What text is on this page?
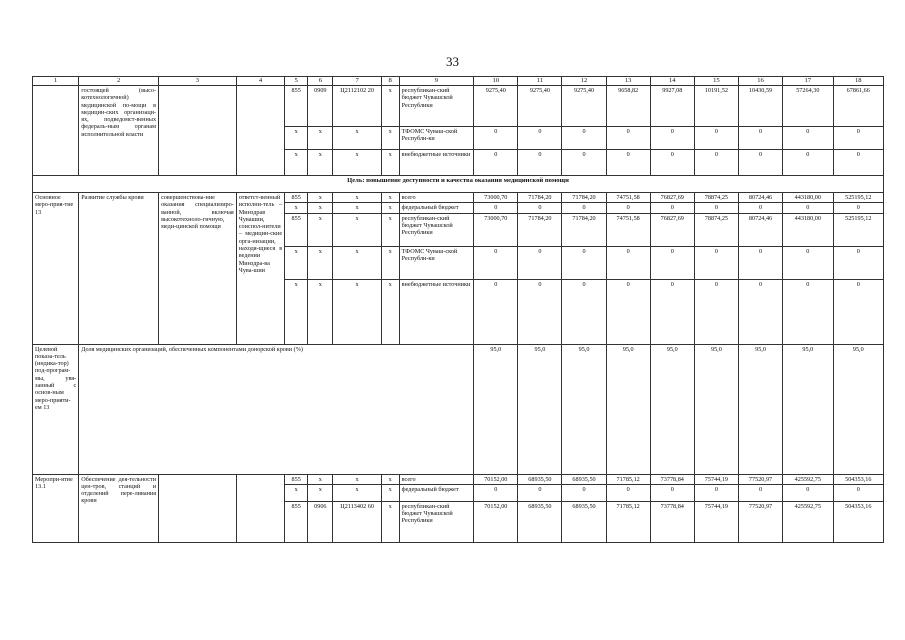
33
1	2	3	4	5	6	7	8	9	10	11	12	13	14	15	16	17	18
	гостоящей (высо-котехнологичной) медицинской по-мощи в медицин-ских организаци-ях, подведомст-венных федераль-ным органам исполнительной власти			855	0909	Ц2112102 20	х	республикан-ский бюджет Чувашской Республики	9275,40	9275,40	9275,40	9658,82	9927,08	10191,52	10430,59	57264,30	67861,66
				х	х	х	х	ТФОМС Чуваш-ской Республи-ки	0	0	0	0	0	0	0	0	0
				х	х	х	х	внебюджетные источники	0	0	0	0	0	0	0	0	0
Цель: повышение доступности и качества оказания медицинской помощи																	
Основное меро-прия-тие 13	Развитие службы крови	совершенствова-ние оказания специализиро-ванной, включая высокотехноло-гичную, меди-цинской помощи	ответст-венный исполни-тель – Минздрав Чувашии, соиспол-нители – медицин-ские орга-низации, находя-щиеся в ведении Минздра-ва Чува-шии	855	х	х	х	всего	73000,70	71784,20	71784,20	74751,58	76827,69	78874,25	80724,46	443180,00	525195,12
				х	х	х	х	федеральный бюджет	0	0	0	0	0	0	0	0	0
				855	х	х	х	республикан-ский бюджет Чувашской Республики	73000,70	71784,20	71784,20	74751,58	76827,69	78874,25	80724,46	443180,00	525195,12
				х	х	х	х	ТФОМС Чуваш-ской Республи-ки	0	0	0	0	0	0	0	0	0
				х	х	х	х	внебюджетные источники	0	0	0	0	0	0	0	0	0
Целевой показа-тель (индика-тор) под-програм-мы, увя-занный с основ-ным меро-прияти-ем 13	Доля медицинских организаций, обеспеченных компонентами донорской крови (%)								95,0	95,0	95,0	95,0	95,0	95,0	95,0	95,0	95,0
Меропри-ятие 13.1	Обеспечение дея-тельности цен-тров, станций и отделений пере-ливания крови			855	х	х	х	всего	70152,00	68935,50	68935,50	71785,12	73778,84	75744,19	77520,97	425592,75	504353,16
				х	х	х	х	федеральный бюджет	0	0	0	0	0	0	0	0	0
				855	0906	Ц2113402 60	х	республикан-ский бюджет Чувашской Республики	70152,00	68935,50	68935,50	71785,12	73778,84	75744,19	77520,97	425592,75	504353,16
